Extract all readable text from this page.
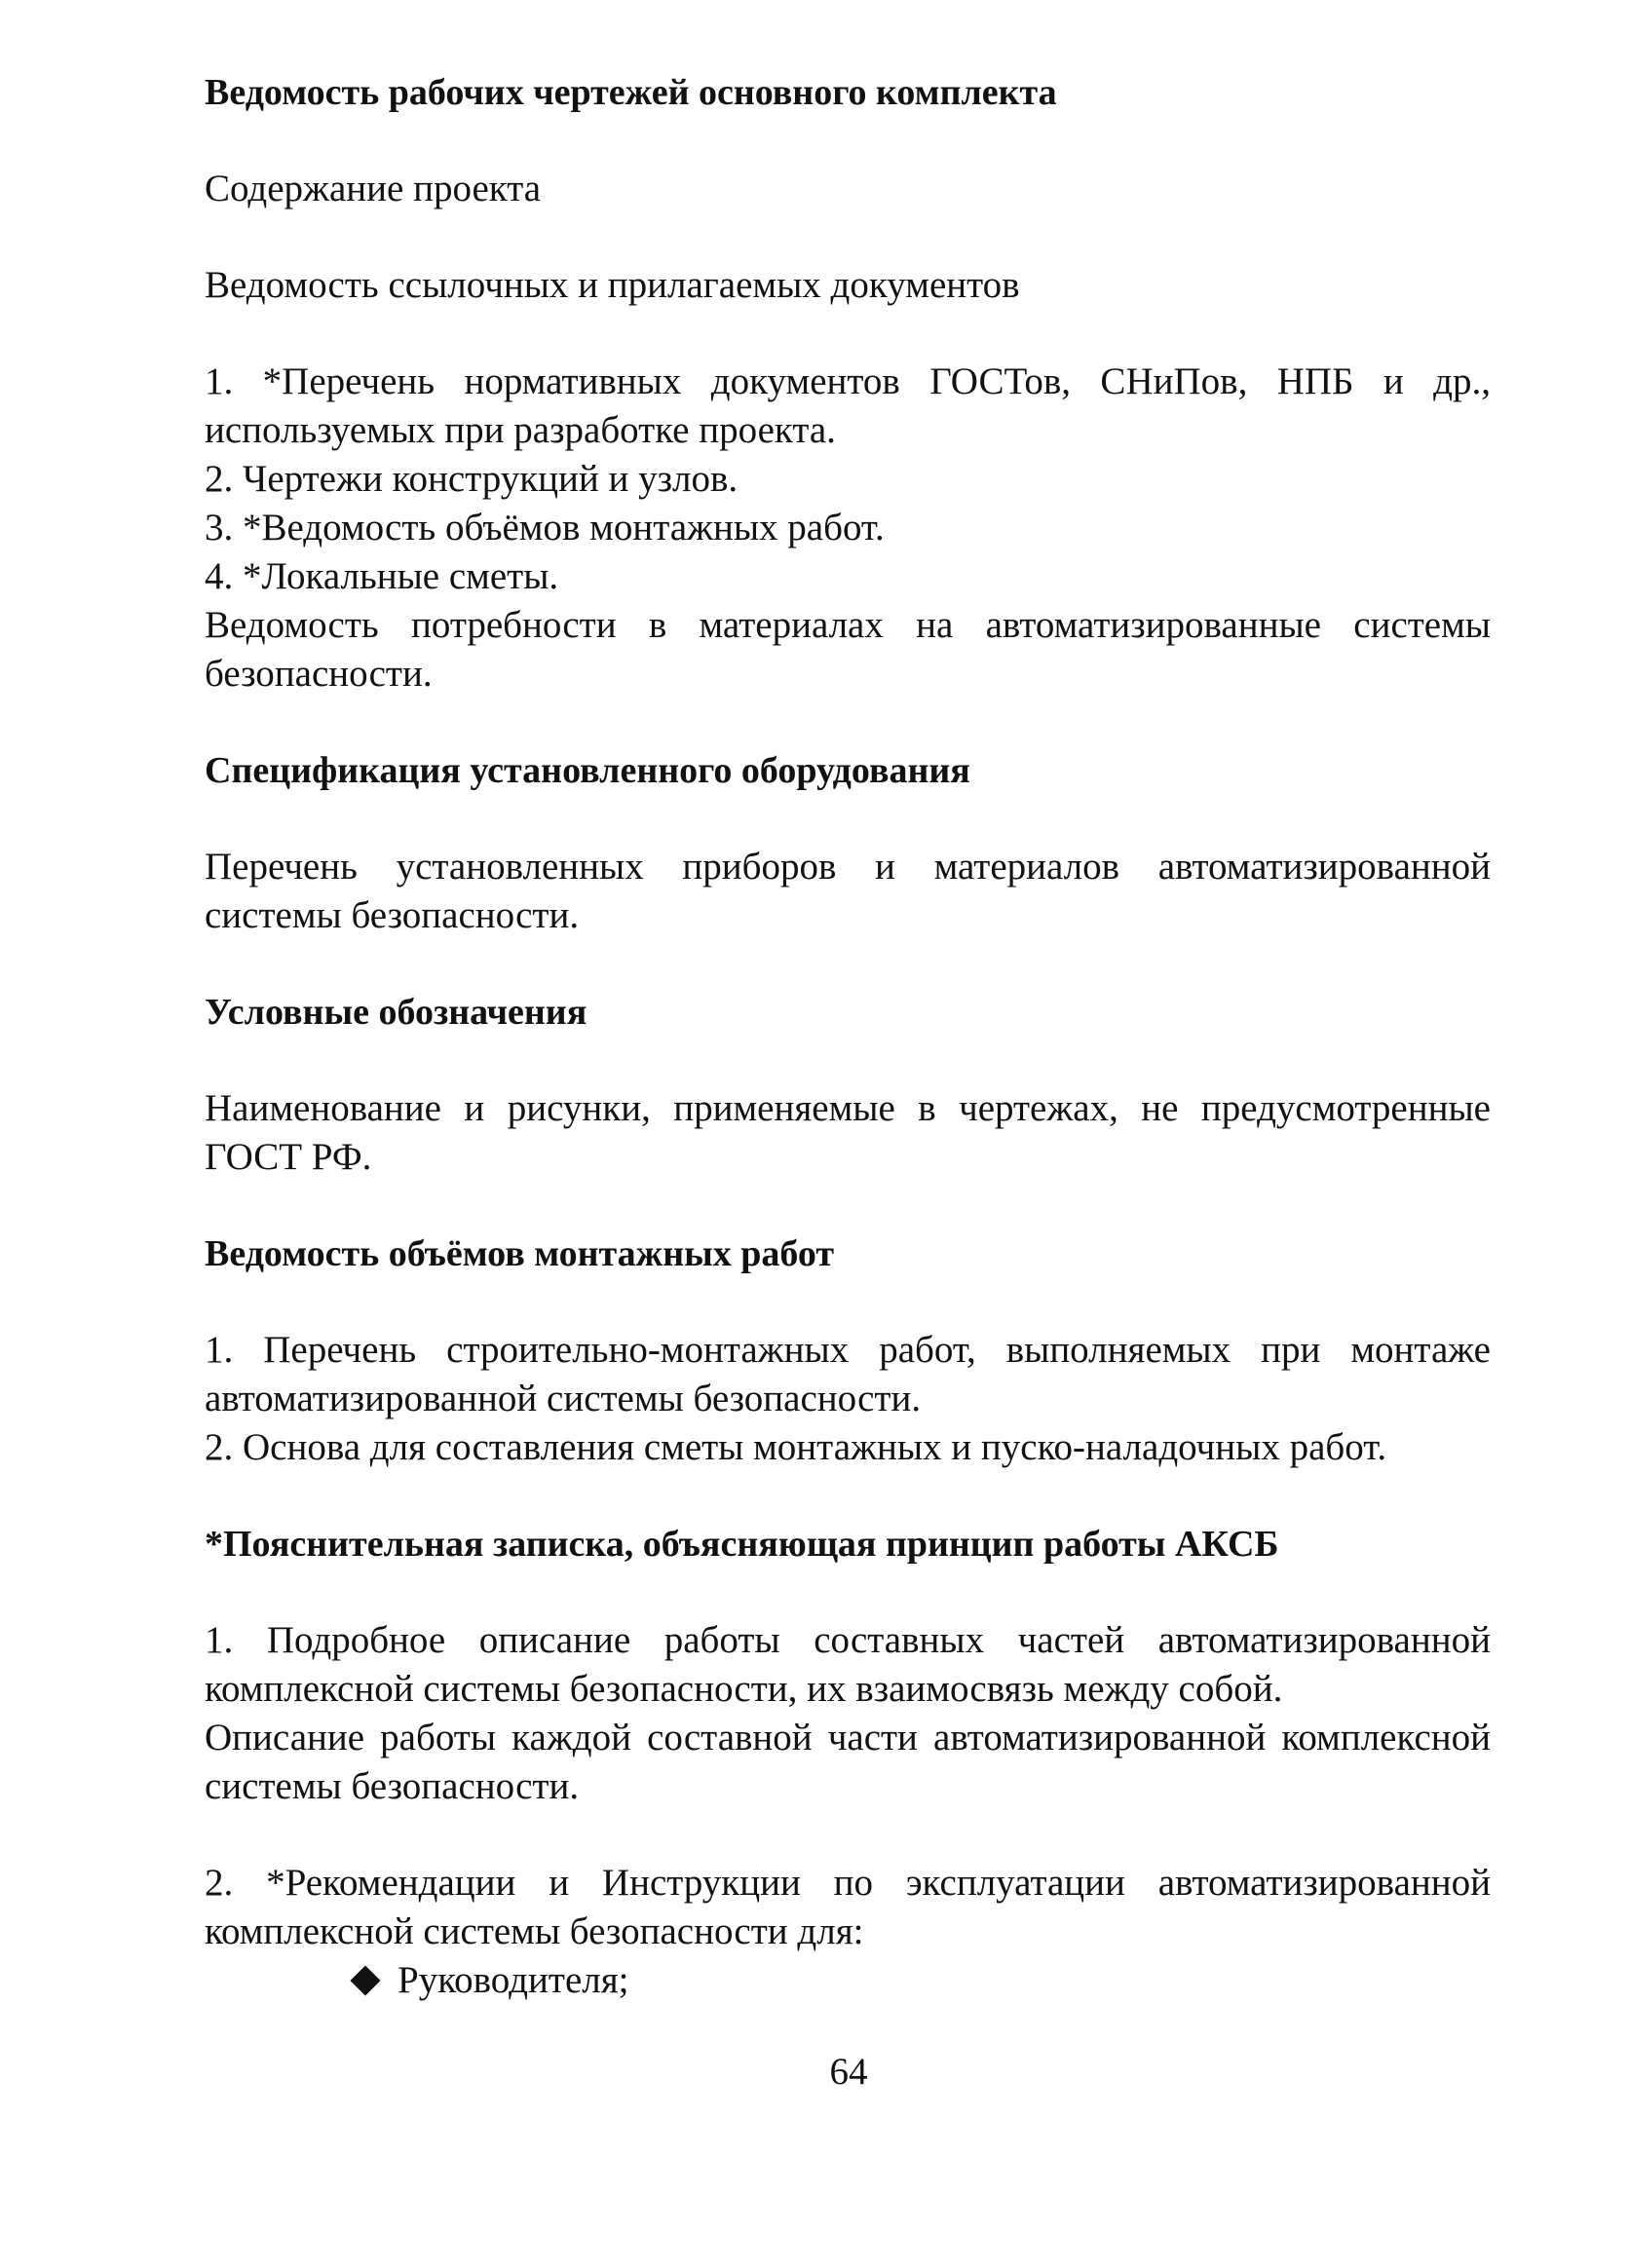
Ведомость рабочих чертежей основного комплекта

Содержание проекта

Ведомость ссылочных и прилагаемых документов

1. *Перечень нормативных документов ГОСТов, СНиПов, НПБ и др., используемых при разработке проекта.

2. Чертежи конструкций и узлов.

3. *Ведомость объёмов монтажных работ.

4. *Локальные сметы.

Ведомость потребности в материалах на автоматизированные системы безопасности.

Спецификация установленного оборудования

Перечень установленных приборов и материалов автоматизированной системы безопасности.

Условные обозначения

Наименование и рисунки, применяемые в чертежах, не предусмотренные ГОСТ РФ.

Ведомость объёмов монтажных работ

1. Перечень строительно-монтажных работ, выполняемых при монтаже автоматизированной системы безопасности.

2. Основа для составления сметы монтажных и пуско-наладочных работ.

*Пояснительная записка, объясняющая принцип работы АКСБ

1. Подробное описание работы составных частей автоматизированной комплексной системы безопасности, их взаимосвязь между собой.

Описание работы каждой составной части автоматизированной комплексной системы безопасности.

2. *Рекомендации и Инструкции по эксплуатации автоматизированной комплексной системы безопасности для:

Руководителя;
64
